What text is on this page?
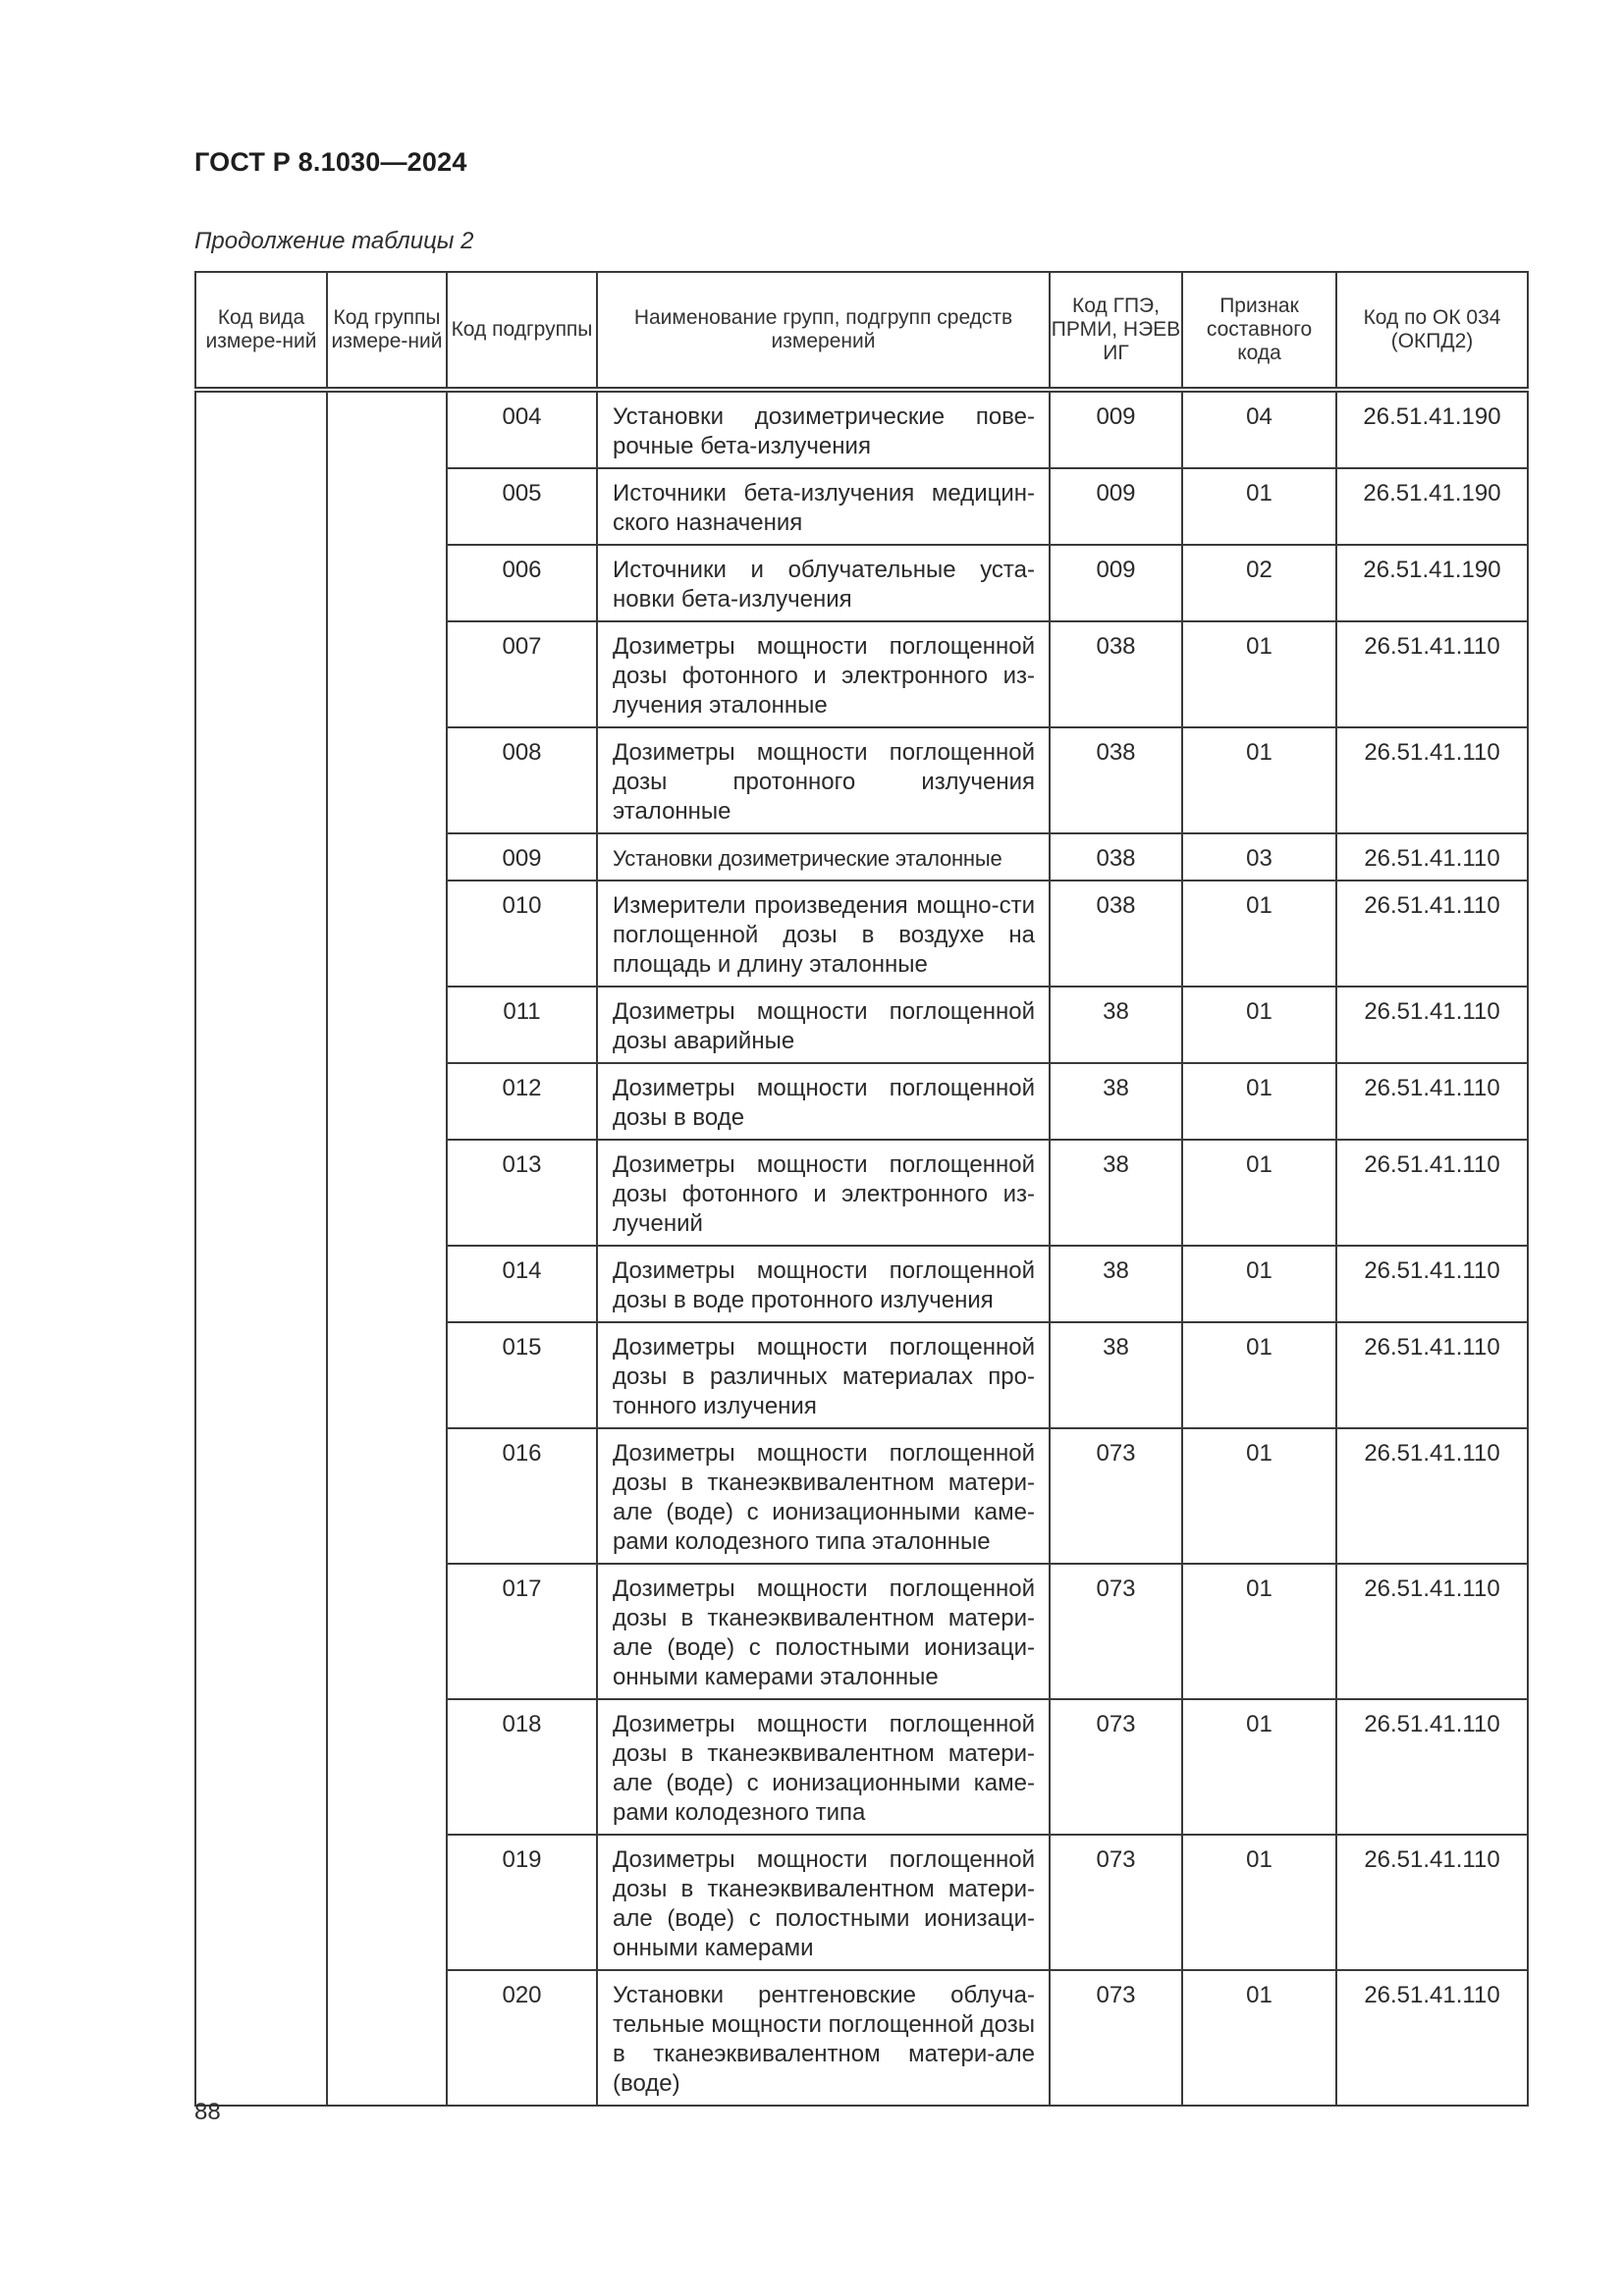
ГОСТ Р 8.1030—2024
Продолжение таблицы 2
Код вида измере-ний	Код группы измере-ний	Код подгруппы	Наименование групп, подгрупп средств измерений	Код ГПЭ, ПРМИ, НЭЕВ ИГ	Признак составного кода	Код по ОК 034 (ОКПД2)
		004	Установки дозиметрические пове-рочные бета-излучения	009	04	26.51.41.190
		005	Источники бета-излучения медицин-ского назначения	009	01	26.51.41.190
		006	Источники и облучательные уста-новки бета-излучения	009	02	26.51.41.190
		007	Дозиметры мощности поглощенной дозы фотонного и электронного из-лучения эталонные	038	01	26.51.41.110
		008	Дозиметры мощности поглощенной дозы протонного излучения эталонные	038	01	26.51.41.110
		009	Установки дозиметрические эталонные	038	03	26.51.41.110
		010	Измерители произведения мощно-сти поглощенной дозы в воздухе на площадь и длину эталонные	038	01	26.51.41.110
		011	Дозиметры мощности поглощенной дозы аварийные	38	01	26.51.41.110
		012	Дозиметры мощности поглощенной дозы в воде	38	01	26.51.41.110
		013	Дозиметры мощности поглощенной дозы фотонного и электронного из-лучений	38	01	26.51.41.110
		014	Дозиметры мощности поглощенной дозы в воде протонного излучения	38	01	26.51.41.110
		015	Дозиметры мощности поглощенной дозы в различных материалах про-тонного излучения	38	01	26.51.41.110
		016	Дозиметры мощности поглощенной дозы в тканеэквивалентном матери-але (воде) с ионизационными каме-рами колодезного типа эталонные	073	01	26.51.41.110
		017	Дозиметры мощности поглощенной дозы в тканеэквивалентном матери-але (воде) с полостными ионизаци-онными камерами эталонные	073	01	26.51.41.110
		018	Дозиметры мощности поглощенной дозы в тканеэквивалентном матери-але (воде) с ионизационными каме-рами колодезного типа	073	01	26.51.41.110
		019	Дозиметры мощности поглощенной дозы в тканеэквивалентном матери-але (воде) с полостными ионизаци-онными камерами	073	01	26.51.41.110
		020	Установки рентгеновские облуча-тельные мощности поглощенной дозы в тканеэквивалентном матери-але (воде)	073	01	26.51.41.110
88
